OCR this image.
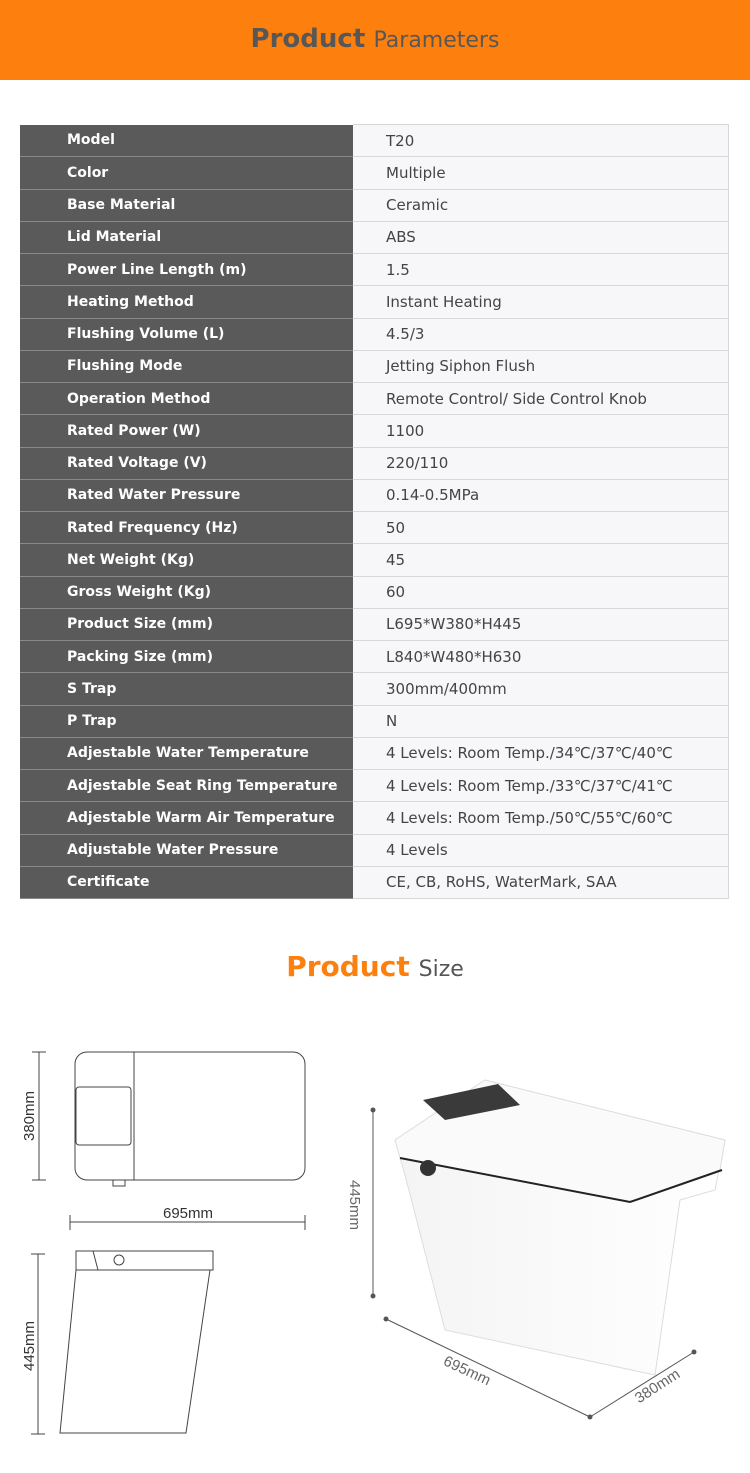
Product Parameters
Model	T20
Color	Multiple
Base Material	Ceramic
Lid Material	ABS
Power Line Length (m)	1.5
Heating Method	Instant Heating
Flushing Volume (L)	4.5/3
Flushing Mode	Jetting Siphon Flush
Operation Method	Remote Control/ Side Control Knob
Rated Power (W)	1100
Rated Voltage (V)	220/110
Rated Water Pressure	0.14-0.5MPa
Rated Frequency (Hz)	50
Net Weight (Kg)	45
Gross Weight (Kg)	60
Product Size (mm)	L695*W380*H445
Packing Size (mm)	L840*W480*H630
S Trap	300mm/400mm
P Trap	N
Adjestable Water Temperature	4 Levels: Room Temp./34℃/37℃/40℃
Adjestable Seat Ring Temperature	4 Levels: Room Temp./33℃/37℃/41℃
Adjestable Warm Air Temperature	4 Levels: Room Temp./50℃/55℃/60℃
Adjustable Water Pressure	4 Levels
Certificate	CE, CB, RoHS, WaterMark, SAA
Product Size
380mm
695mm
445mm
445mm
695mm	380mm
